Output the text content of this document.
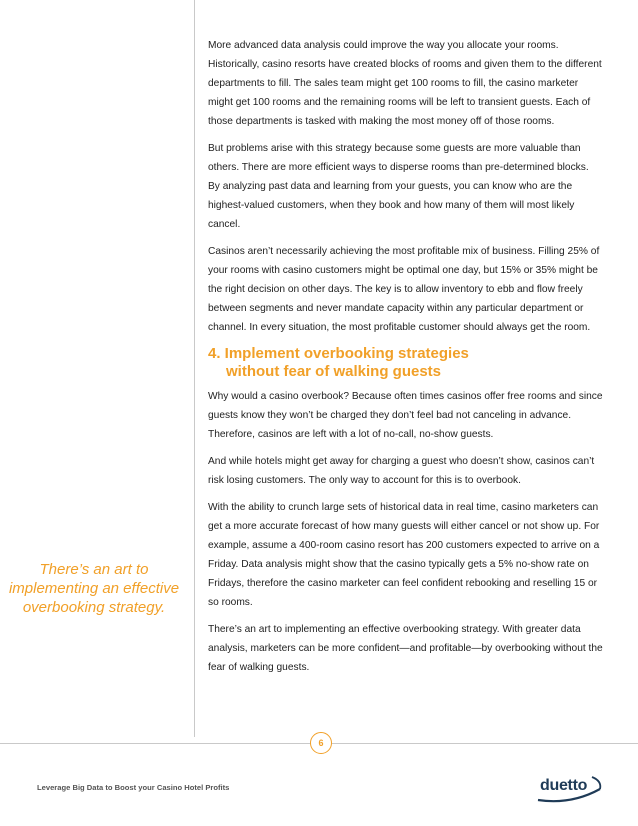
More advanced data analysis could improve the way you allocate your rooms. Historically, casino resorts have created blocks of rooms and given them to the different departments to fill. The sales team might get 100 rooms to fill, the casino marketer might get 100 rooms and the remaining rooms will be left to transient guests. Each of those departments is tasked with making the most money off of those rooms.

But problems arise with this strategy because some guests are more valuable than others. There are more efficient ways to disperse rooms than pre-determined blocks. By analyzing past data and learning from your guests, you can know who are the highest-valued customers, when they book and how many of them will most likely cancel.

Casinos aren’t necessarily achieving the most profitable mix of business. Filling 25% of your rooms with casino customers might be optimal one day, but 15% or 35% might be the right decision on other days. The key is to allow inventory to ebb and flow freely between segments and never mandate capacity within any particular department or channel. In every situation, the most profitable customer should always get the room.

4. Implement overbooking strategies
without fear of walking guests

Why would a casino overbook? Because often times casinos offer free rooms and since guests know they won’t be charged they don’t feel bad not canceling in advance. Therefore, casinos are left with a lot of no-call, no-show guests.

And while hotels might get away for charging a guest who doesn’t show, casinos can’t risk losing customers. The only way to account for this is to overbook.

With the ability to crunch large sets of historical data in real time, casino marketers can get a more accurate forecast of how many guests will either cancel or not show up. For example, assume a 400-room casino resort has 200 customers expected to arrive on a Friday. Data analysis might show that the casino typically gets a 5% no-show rate on Fridays, therefore the casino marketer can feel confident rebooking and reselling 15 or so rooms.

There’s an art to implementing an effective overbooking strategy. With greater data analysis, marketers can be more confident—and profitable—by overbooking without the fear of walking guests.

There’s an art to implementing an effective overbooking strategy.
6
Leverage Big Data to Boost your Casino Hotel Profits	duetto
